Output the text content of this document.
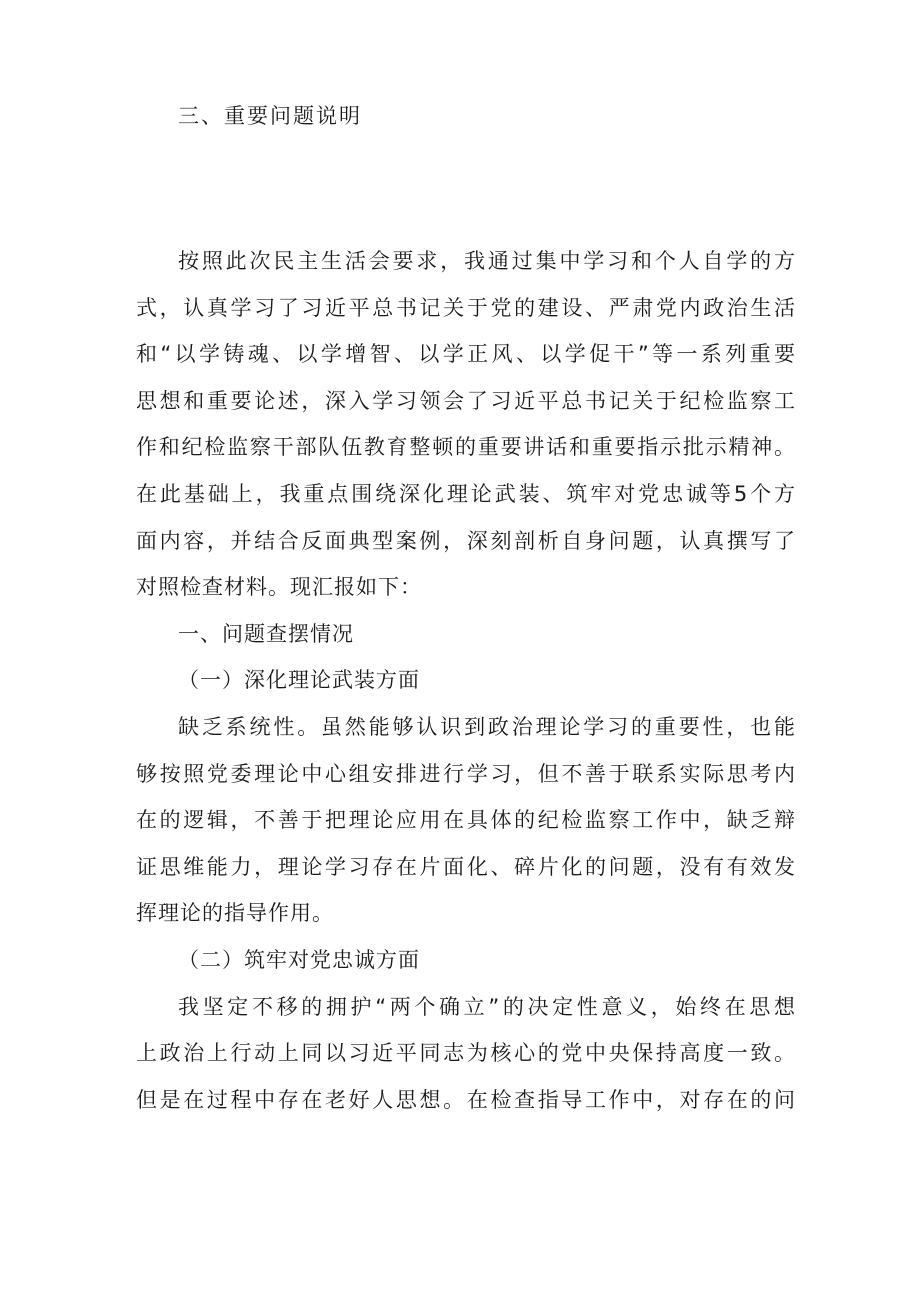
三、重要问题说明
按照此次民主生活会要求，我通过集中学习和个人自学的方
式，认真学习了习近平总书记关于党的建设、严肃党内政治生活
和“以学铸魂、以学增智、以学正风、以学促干”等一系列重要
思想和重要论述，深入学习领会了习近平总书记关于纪检监察工
作和纪检监察干部队伍教育整顿的重要讲话和重要指示批示精神。
在此基础上，我重点围绕深化理论武装、筑牢对党忠诚等5个方
面内容，并结合反面典型案例，深刻剖析自身问题，认真撰写了
对照检查材料。现汇报如下：
一、问题查摆情况
（一）深化理论武装方面
缺乏系统性。虽然能够认识到政治理论学习的重要性，也能
够按照党委理论中心组安排进行学习，但不善于联系实际思考内
在的逻辑，不善于把理论应用在具体的纪检监察工作中，缺乏辩
证思维能力，理论学习存在片面化、碎片化的问题，没有有效发
挥理论的指导作用。
（二）筑牢对党忠诚方面
我坚定不移的拥护“两个确立”的决定性意义，始终在思想
上政治上行动上同以习近平同志为核心的党中央保持高度一致。
但是在过程中存在老好人思想。在检查指导工作中，对存在的问
